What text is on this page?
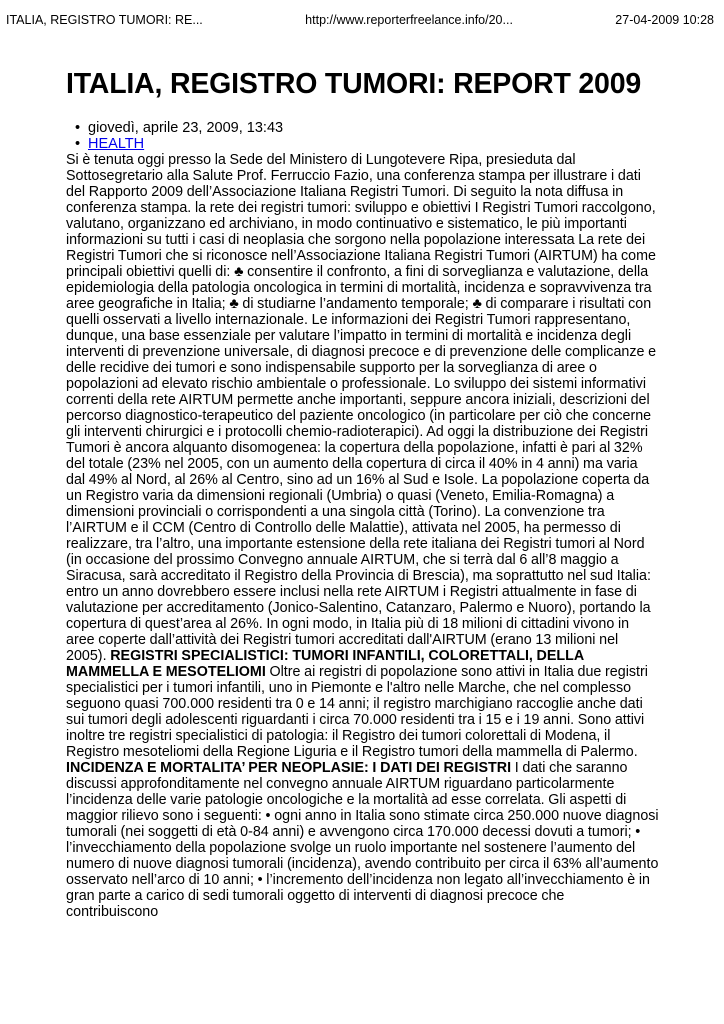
ITALIA, REGISTRO TUMORI: RE...	http://www.reporterfreelance.info/20...	27-04-2009 10:28
ITALIA, REGISTRO TUMORI: REPORT 2009
• giovedì, aprile 23, 2009, 13:43
• HEALTH

Si è tenuta oggi presso la Sede del Ministero di Lungotevere Ripa, presieduta dal Sottosegretario alla Salute Prof. Ferruccio Fazio, una conferenza stampa per illustrare i dati del Rapporto 2009 dell’Associazione Italiana Registri Tumori. Di seguito la nota diffusa in conferenza stampa. la rete dei registri tumori: sviluppo e obiettivi I Registri Tumori raccolgono, valutano, organizzano ed archiviano, in modo continuativo e sistematico, le più importanti informazioni su tutti i casi di neoplasia che sorgono nella popolazione interessata La rete dei Registri Tumori che si riconosce nell’Associazione Italiana Registri Tumori (AIRTUM) ha come principali obiettivi quelli di: ♣ consentire il confronto, a fini di sorveglianza e valutazione, della epidemiologia della patologia oncologica in termini di mortalità, incidenza e sopravvivenza tra aree geografiche in Italia; ♣ di studiarne l’andamento temporale; ♣ di comparare i risultati con quelli osservati a livello internazionale. Le informazioni dei Registri Tumori rappresentano, dunque, una base essenziale per valutare l’impatto in termini di mortalità e incidenza degli interventi di prevenzione universale, di diagnosi precoce e di prevenzione delle complicanze e delle recidive dei tumori e sono indispensabile supporto per la sorveglianza di aree o popolazioni ad elevato rischio ambientale o professionale. Lo sviluppo dei sistemi informativi correnti della rete AIRTUM permette anche importanti, seppure ancora iniziali, descrizioni del percorso diagnostico-terapeutico del paziente oncologico (in particolare per ciò che concerne gli interventi chirurgici e i protocolli chemio-radioterapici). Ad oggi la distribuzione dei Registri Tumori è ancora alquanto disomogenea: la copertura della popolazione, infatti è pari al 32% del totale (23% nel 2005, con un aumento della copertura di circa il 40% in 4 anni) ma varia dal 49% al Nord, al 26% al Centro, sino ad un 16% al Sud e Isole. La popolazione coperta da un Registro varia da dimensioni regionali (Umbria) o quasi (Veneto, Emilia-Romagna) a dimensioni provinciali o corrispondenti a una singola città (Torino). La convenzione tra l’AIRTUM e il CCM (Centro di Controllo delle Malattie), attivata nel 2005, ha permesso di realizzare, tra l’altro, una importante estensione della rete italiana dei Registri tumori al Nord (in occasione del prossimo Convegno annuale AIRTUM, che si terrà dal 6 all’8 maggio a Siracusa, sarà accreditato il Registro della Provincia di Brescia), ma soprattutto nel sud Italia: entro un anno dovrebbero essere inclusi nella rete AIRTUM i Registri attualmente in fase di valutazione per accreditamento (Jonico-Salentino, Catanzaro, Palermo e Nuoro), portando la copertura di quest’area al 26%. In ogni modo, in Italia più di 18 milioni di cittadini vivono in aree coperte dall’attività dei Registri tumori accreditati dall'AIRTUM (erano 13 milioni nel 2005). REGISTRI SPECIALISTICI: TUMORI INFANTILI, COLORETTALI, DELLA MAMMELLA E MESOTELIOMI Oltre ai registri di popolazione sono attivi in Italia due registri specialistici per i tumori infantili, uno in Piemonte e l'altro nelle Marche, che nel complesso seguono quasi 700.000 residenti tra 0 e 14 anni; il registro marchigiano raccoglie anche dati sui tumori degli adolescenti riguardanti i circa 70.000 residenti tra i 15 e i 19 anni. Sono attivi inoltre tre registri specialistici di patologia: il Registro dei tumori colorettali di Modena, il Registro mesoteliomi della Regione Liguria e il Registro tumori della mammella di Palermo. INCIDENZA E MORTALITA’ PER NEOPLASIE: I DATI DEI REGISTRI I dati che saranno discussi approfonditamente nel convegno annuale AIRTUM riguardano particolarmente l’incidenza delle varie patologie oncologiche e la mortalità ad esse correlata. Gli aspetti di maggior rilievo sono i seguenti: • ogni anno in Italia sono stimate circa 250.000 nuove diagnosi tumorali (nei soggetti di età 0-84 anni) e avvengono circa 170.000 decessi dovuti a tumori; • l’invecchiamento della popolazione svolge un ruolo importante nel sostenere l’aumento del numero di nuove diagnosi tumorali (incidenza), avendo contribuito per circa il 63% all’aumento osservato nell’arco di 10 anni; • l’incremento dell’incidenza non legato all’invecchiamento è in gran parte a carico di sedi tumorali oggetto di interventi di diagnosi precoce che contribuiscono
